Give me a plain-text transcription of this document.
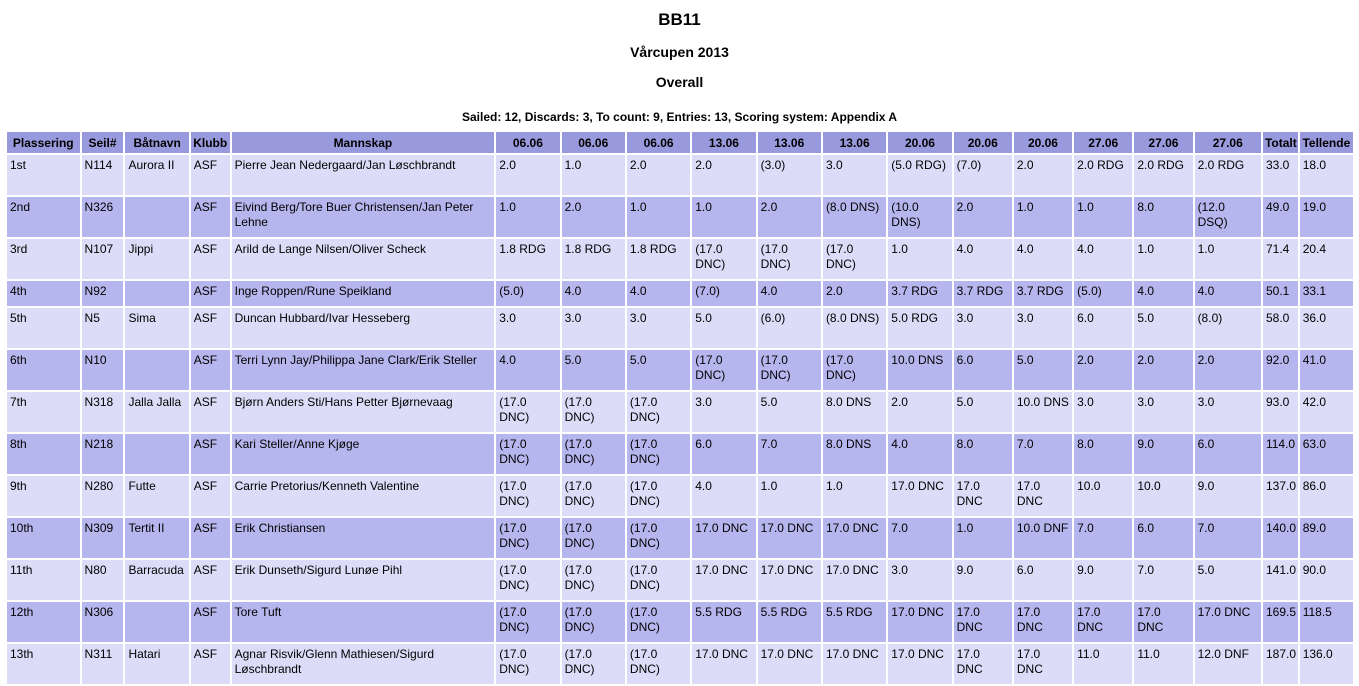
BB11
Vårcupen 2013
Overall
Sailed: 12, Discards: 3, To count: 9, Entries: 13, Scoring system: Appendix A
Plassering	Seil#	Båtnavn	Klubb	Mannskap	06.06	06.06	06.06	13.06	13.06	13.06	20.06	20.06	20.06	27.06	27.06	27.06	Totalt	Tellende
1st	N114	Aurora II	ASF	Pierre Jean Nedergaard/Jan Løschbrandt	2.0	1.0	2.0	2.0	(3.0)	3.0	(5.0 RDG)	(7.0)	2.0	2.0 RDG	2.0 RDG	2.0 RDG	33.0	18.0
2nd	N326		ASF	Eivind Berg/Tore Buer Christensen/Jan Peter Lehne	1.0	2.0	1.0	1.0	2.0	(8.0 DNS)	(10.0 DNS)	2.0	1.0	1.0	8.0	(12.0 DSQ)	49.0	19.0
3rd	N107	Jippi	ASF	Arild de Lange Nilsen/Oliver Scheck	1.8 RDG	1.8 RDG	1.8 RDG	(17.0 DNC)	(17.0 DNC)	(17.0 DNC)	1.0	4.0	4.0	4.0	1.0	1.0	71.4	20.4
4th	N92		ASF	Inge Roppen/Rune Speikland	(5.0)	4.0	4.0	(7.0)	4.0	2.0	3.7 RDG	3.7 RDG	3.7 RDG	(5.0)	4.0	4.0	50.1	33.1
5th	N5	Sima	ASF	Duncan Hubbard/Ivar Hesseberg	3.0	3.0	3.0	5.0	(6.0)	(8.0 DNS)	5.0 RDG	3.0	3.0	6.0	5.0	(8.0)	58.0	36.0
6th	N10		ASF	Terri Lynn Jay/Philippa Jane Clark/Erik Steller	4.0	5.0	5.0	(17.0 DNC)	(17.0 DNC)	(17.0 DNC)	10.0 DNS	6.0	5.0	2.0	2.0	2.0	92.0	41.0
7th	N318	Jalla Jalla	ASF	Bjørn Anders Sti/Hans Petter Bjørnevaag	(17.0 DNC)	(17.0 DNC)	(17.0 DNC)	3.0	5.0	8.0 DNS	2.0	5.0	10.0 DNS	3.0	3.0	3.0	93.0	42.0
8th	N218		ASF	Kari Steller/Anne Kjøge	(17.0 DNC)	(17.0 DNC)	(17.0 DNC)	6.0	7.0	8.0 DNS	4.0	8.0	7.0	8.0	9.0	6.0	114.0	63.0
9th	N280	Futte	ASF	Carrie Pretorius/Kenneth Valentine	(17.0 DNC)	(17.0 DNC)	(17.0 DNC)	4.0	1.0	1.0	17.0 DNC	17.0 DNC	17.0 DNC	10.0	10.0	9.0	137.0	86.0
10th	N309	Tertit II	ASF	Erik Christiansen	(17.0 DNC)	(17.0 DNC)	(17.0 DNC)	17.0 DNC	17.0 DNC	17.0 DNC	7.0	1.0	10.0 DNF	7.0	6.0	7.0	140.0	89.0
11th	N80	Barracuda	ASF	Erik Dunseth/Sigurd Lunøe Pihl	(17.0 DNC)	(17.0 DNC)	(17.0 DNC)	17.0 DNC	17.0 DNC	17.0 DNC	3.0	9.0	6.0	9.0	7.0	5.0	141.0	90.0
12th	N306		ASF	Tore Tuft	(17.0 DNC)	(17.0 DNC)	(17.0 DNC)	5.5 RDG	5.5 RDG	5.5 RDG	17.0 DNC	17.0 DNC	17.0 DNC	17.0 DNC	17.0 DNC	17.0 DNC	169.5	118.5
13th	N311	Hatari	ASF	Agnar Risvik/Glenn Mathiesen/Sigurd Løschbrandt	(17.0 DNC)	(17.0 DNC)	(17.0 DNC)	17.0 DNC	17.0 DNC	17.0 DNC	17.0 DNC	17.0 DNC	17.0 DNC	11.0	11.0	12.0 DNF	187.0	136.0
